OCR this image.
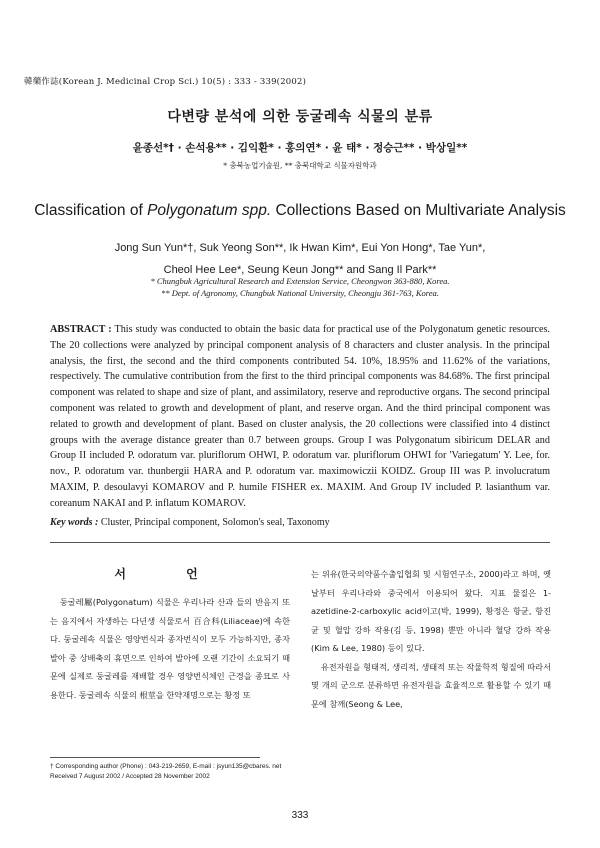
韓藥作誌(Korean J. Medicinal Crop Sci.) 10(5) : 333 - 339(2002)
다변량 분석에 의한 둥굴레속 식물의 분류
윤종선*† · 손석용** · 김익환* · 홍의연* · 윤 태* · 정승근** · 박상일**
* 충북농업기술원, ** 충북대학교 식물자원학과
Classification of Polygonatum spp. Collections Based on Multivariate Analysis
Jong Sun Yun*†, Suk Yeong Son**, Ik Hwan Kim*, Eui Yon Hong*, Tae Yun*,
Cheol Hee Lee*, Seung Keun Jong** and Sang Il Park**
* Chungbuk Agricultural Research and Extension Service, Cheongwon 363-880, Korea.
** Dept. of Agronomy, Chungbuk National University, Cheongju 361-763, Korea.
ABSTRACT : This study was conducted to obtain the basic data for practical use of the Polygonatum genetic resources. The 20 collections were analyzed by principal component analysis of 8 characters and cluster analysis. In the principal analysis, the first, the second and the third components contributed 54. 10%, 18.95% and 11.62% of the variations, respectively. The cumulative contribution from the first to the third principal components was 84.68%. The first principal component was related to shape and size of plant, and assimilatory, reserve and reproductive organs. The second principal component was related to growth and development of plant, and reserve organ. And the third principal component was related to growth and development of plant. Based on cluster analysis, the 20 collections were classified into 4 distinct groups with the average distance greater than 0.7 between groups. Group I was Polygonatum sibiricum DELAR and Group II included P. odoratum var. pluriflorum OHWI, P. odoratum var. pluriflorum OHWI for 'Variegatum' Y. Lee, for. nov., P. odoratum var. thunbergii HARA and P. odoratum var. maximowiczii KOIDZ. Group III was P. involucratum MAXIM, P. desoulavyi KOMAROV and P. humile FISHER ex. MAXIM. And Group IV included P. lasianthum var. coreanum NAKAI and P. inflatum KOMAROV.
Key words : Cluster, Principal component, Solomon's seal, Taxonomy
서 언
둥굴레屬(Polygonatum) 식물은 우리나라 산과 들의 반음지 또는 음지에서 자생하는 다년생 식물로서 百合科(Liliaceae)에 속한다. 둥굴레속 식물은 영양번식과 종자번식이 모두 가능하지만, 종자 발아 중 상배축의 휴면으로 인하여 발아에 오랜 기간이 소요되기 때문에 실제로 둥굴레를 재배할 경우 영양번식체인 근경을 종묘로 사용한다. 둥굴레속 식물의 根莖을 한약재명으로는 황정 또
는 위유(한국의약품수출입협회 및 시험연구소, 2000)라고 하며, 옛날부터 우리나라와 중국에서 이용되어 왔다. 지표 물질은 1-azetidine-2-carboxylic acid이고(박, 1999), 황정은 항균, 항진균 및 혈압 강하 작용(김 등, 1998) 뿐만 아니라 혈당 강하 작용(Kim & Lee, 1980) 등이 있다.
유전자원을 형태적, 생리적, 생태적 또는 작물학적 형질에 따라서 몇 개의 군으로 분류하면 유전자원을 효율적으로 활용할 수 있기 때문에 참깨(Seong & Lee,
† Corresponding author (Phone) : 043-219-2659, E-mail : jsyun135@cbares. net
Received 7 August 2002 / Accepted 28 November 2002
333
